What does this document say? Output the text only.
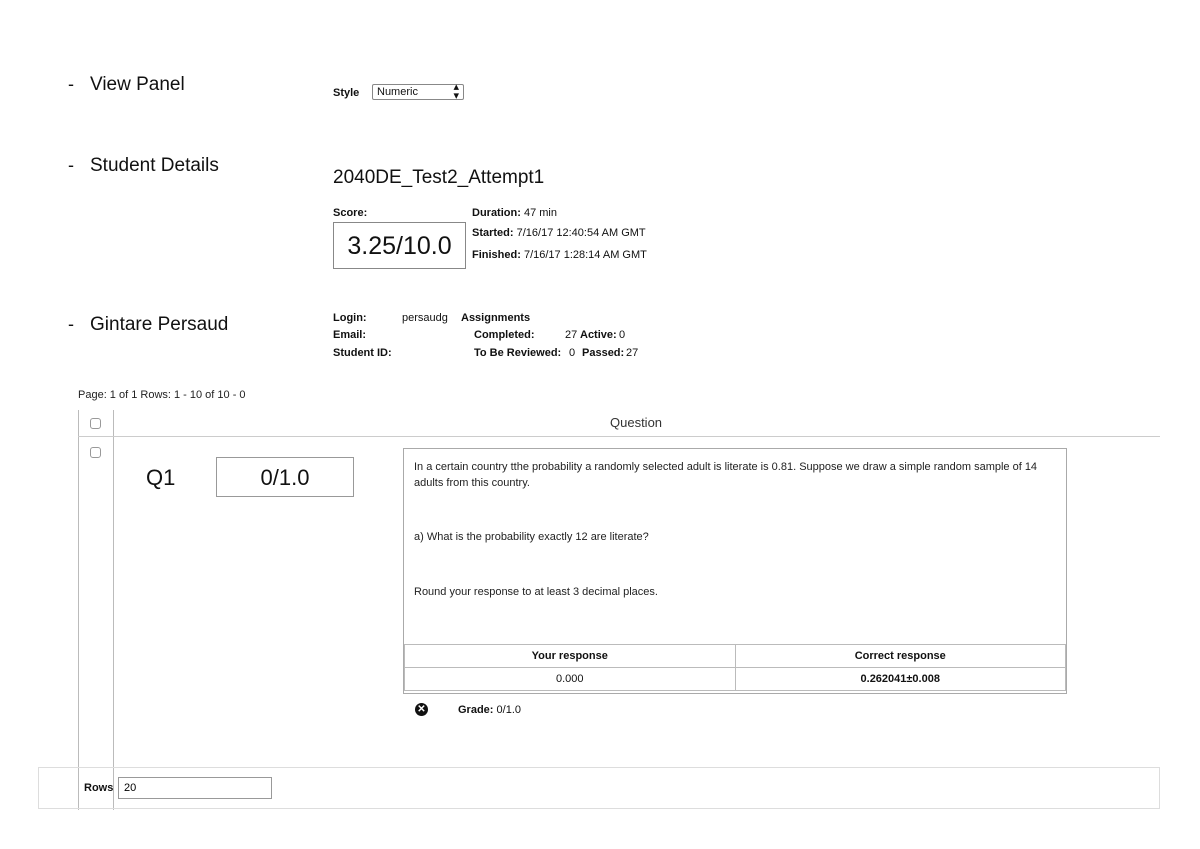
- View Panel	Style	Numeric	▴
▾
- Student Details
2040DE_Test2_Attempt1
Score:
3.25/10.0
Duration: 47 min
Started: 7/16/17 12:40:54 AM GMT
Finished: 7/16/17 1:28:14 AM GMT
- Gintare Persaud	Login:	persaudg Assignments
Email:	Completed:	27 Active: 0
Student ID:	To Be Reviewed: 0 Passed: 27
Page: 1 of 1 Rows: 1 - 10 of 10 - 0
Question
Q1	0/1.0	In a certain country tthe probability a randomly selected adult is literate is 0.81. Suppose we draw a simple random sample of 14 adults from this country.
a) What is the probability exactly 12 are literate?
Round your response to at least 3 decimal places.
Your response	Correct response
0.000	0.262041±0.008
✕	Grade: 0/1.0
Rows
20
